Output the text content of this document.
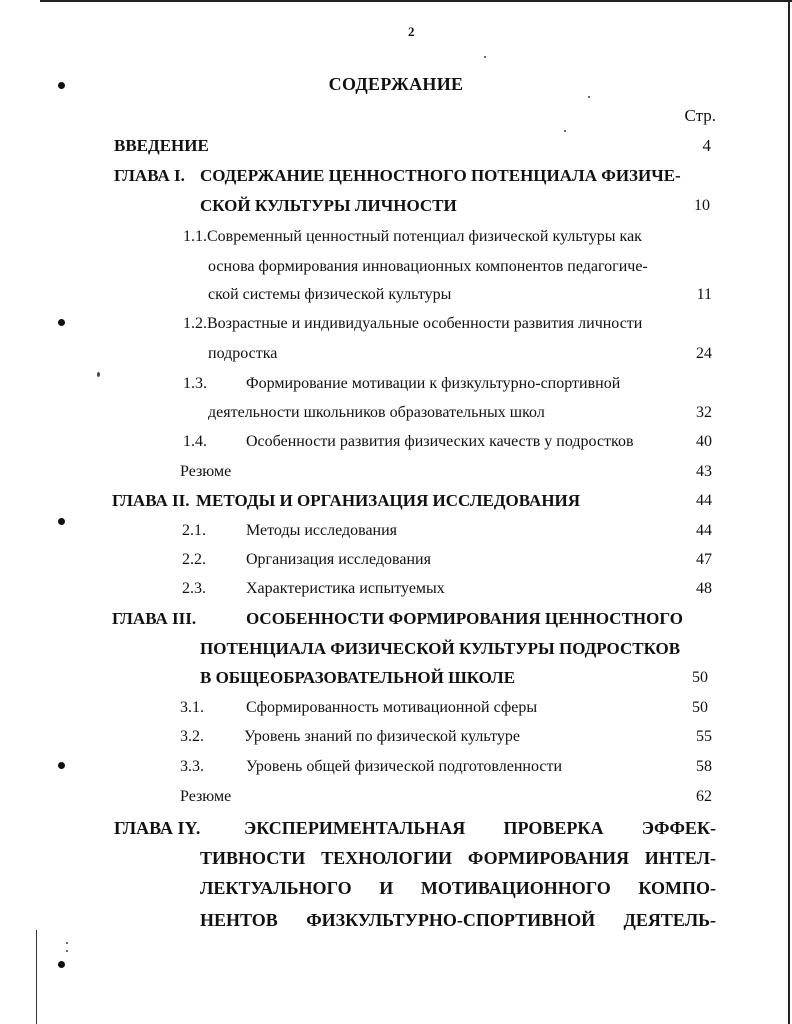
2
СОДЕРЖАНИЕ
Стр.
ВВЕДЕНИЕ	4
ГЛАВА I. СОДЕРЖАНИЕ ЦЕННОСТНОГО ПОТЕНЦИАЛА ФИЗИЧЕ-
СКОЙ КУЛЬТУРЫ ЛИЧНОСТИ	10
1.1.Современный ценностный потенциал физической культуры как
основа формирования инновационных компонентов педагогиче-
ской системы физической культуры	11
1.2.Возрастные и индивидуальные особенности развития личности
подростка	24
1.3. Формирование мотивации к физкультурно-спортивной
деятельности школьников образовательных школ	32
1.4. Особенности развития физических качеств у подростков	40
Резюме	43
ГЛАВА II. МЕТОДЫ И ОРГАНИЗАЦИЯ ИССЛЕДОВАНИЯ	44
2.1.	Методы исследования	44
2.2.	Организация исследования	47
2.3.	Характеристика испытуемых	48
ГЛАВА III.	ОСОБЕННОСТИ ФОРМИРОВАНИЯ ЦЕННОСТНОГО
ПОТЕНЦИАЛА ФИЗИЧЕСКОЙ КУЛЬТУРЫ ПОДРОСТКОВ
В ОБЩЕОБРАЗОВАТЕЛЬНОЙ ШКОЛЕ	50
3.1.	Сформированность мотивационной сферы	50
3.2.	Уровень знаний по физической культуре	55
3.3.	Уровень общей физической подготовленности	58
Резюме	62
ГЛАВА IY. ЭКСПЕРИМЕНТАЛЬНАЯ ПРОВЕРКА ЭФФЕК-
ТИВНОСТИ ТЕХНОЛОГИИ ФОРМИРОВАНИЯ ИНТЕЛ-
ЛЕКТУАЛЬНОГО И МОТИВАЦИОННОГО КОМПО-
НЕНТОВ ФИЗКУЛЬТУРНО-СПОРТИВНОЙ ДЕЯТЕЛЬ-
